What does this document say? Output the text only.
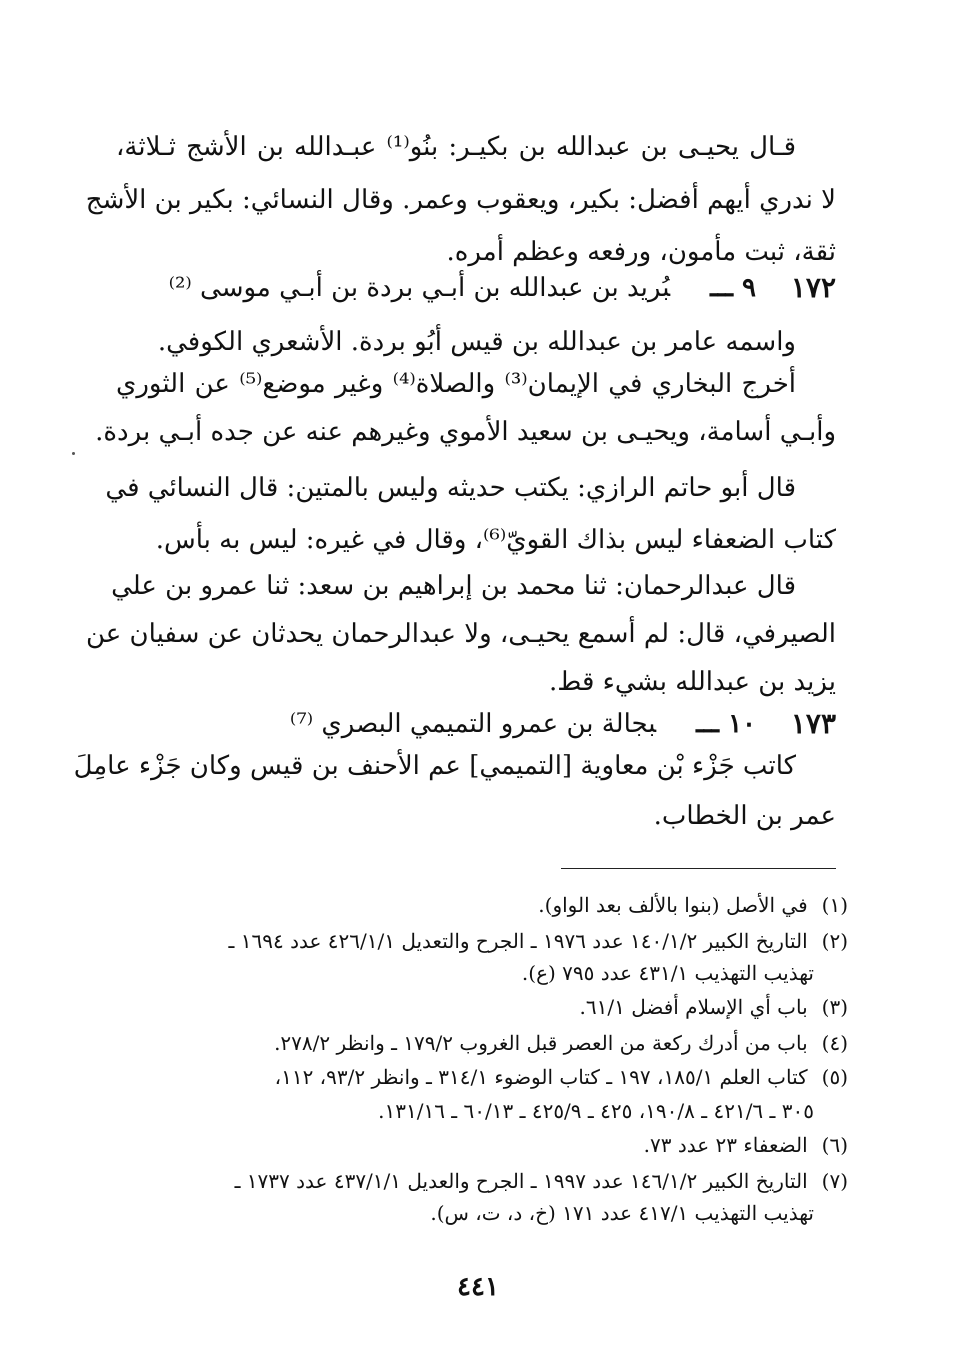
قـال يحيـى بن عبدالله بن بكيـر: بنُو⁽¹⁾ عبـدالله بن الأشج ثـلاثة،
لا ندري أيهم أفضل: بكير، ويعقوب وعمر. وقال النسائي: بكير بن الأشج
ثقة، ثبت مأمون، ورفعه وعظم أمره.
١٧٢
٩ ـــبُريد بن عبدالله بن أبـي بردة بن أبـي موسى ⁽²⁾
واسمه عامر بن عبدالله بن قيس أبُو بردة. الأشعري الكوفي.
أخرج البخاري في الإيمان⁽³⁾ والصلاة⁽⁴⁾ وغير موضع⁽⁵⁾ عن الثوري
وأبـي أسامة، ويحيـى بن سعيد الأموي وغيرهم عنه عن جده أبـي بردة.
قال أبو حاتم الرازي: يكتب حديثه وليس بالمتين: قال النسائي في
كتاب الضعفاء ليس بذاك القويّ⁽⁶⁾، وقال في غيره: ليس به بأس.
قال عبدالرحمان: ثنا محمد بن إبراهيم بن سعد: ثنا عمرو بن علي
الصيرفي، قال: لم أسمع يحيـى، ولا عبدالرحمان يحدثان عن سفيان عن
يزيد بن عبدالله بشيء قط.
١٧٣
١٠ ـــبجالة بن عمرو التميمي البصري ⁽⁷⁾
كاتب جَزْء بْن معاوية [التميمي] عم الأحنف بن قيس وكان جَزْء عامِلَ
عمر بن الخطاب.
(١) في الأصل (بنوا بالألف بعد الواو).
(٢) التاريخ الكبير ١٤٠/١/٢ عدد ١٩٧٦ ـ الجرح والتعديل ٤٢٦/١/١ عدد ١٦٩٤ ـ
تهذيب التهذيب ٤٣١/١ عدد ٧٩٥ (ع).
(٣) باب أي الإسلام أفضل ٦١/١.
(٤) باب من أدرك ركعة من العصر قبل الغروب ١٧٩/٢ ـ وانظر ٢٧٨/٢.
(٥) كتاب العلم ١٨٥/١، ١٩٧ ـ كتاب الوضوء ٣١٤/١ ـ وانظر ٩٣/٢، ١١٢،
٣٠٥ ـ ٤٢١/٦ ـ ١٩٠/٨، ٤٢٥ ـ ٤٢٥/٩ ـ ٦٠/١٣ ـ ١٣١/١٦.
(٦) الضعفاء ٢٣ عدد ٧٣.
(٧) التاريخ الكبير ١٤٦/١/٢ عدد ١٩٩٧ ـ الجرح والعديل ٤٣٧/١/١ عدد ١٧٣٧ ـ
تهذيب التهذيب ٤١٧/١ عدد ١٧١ (خ، د، ت، س).
٤٤١
